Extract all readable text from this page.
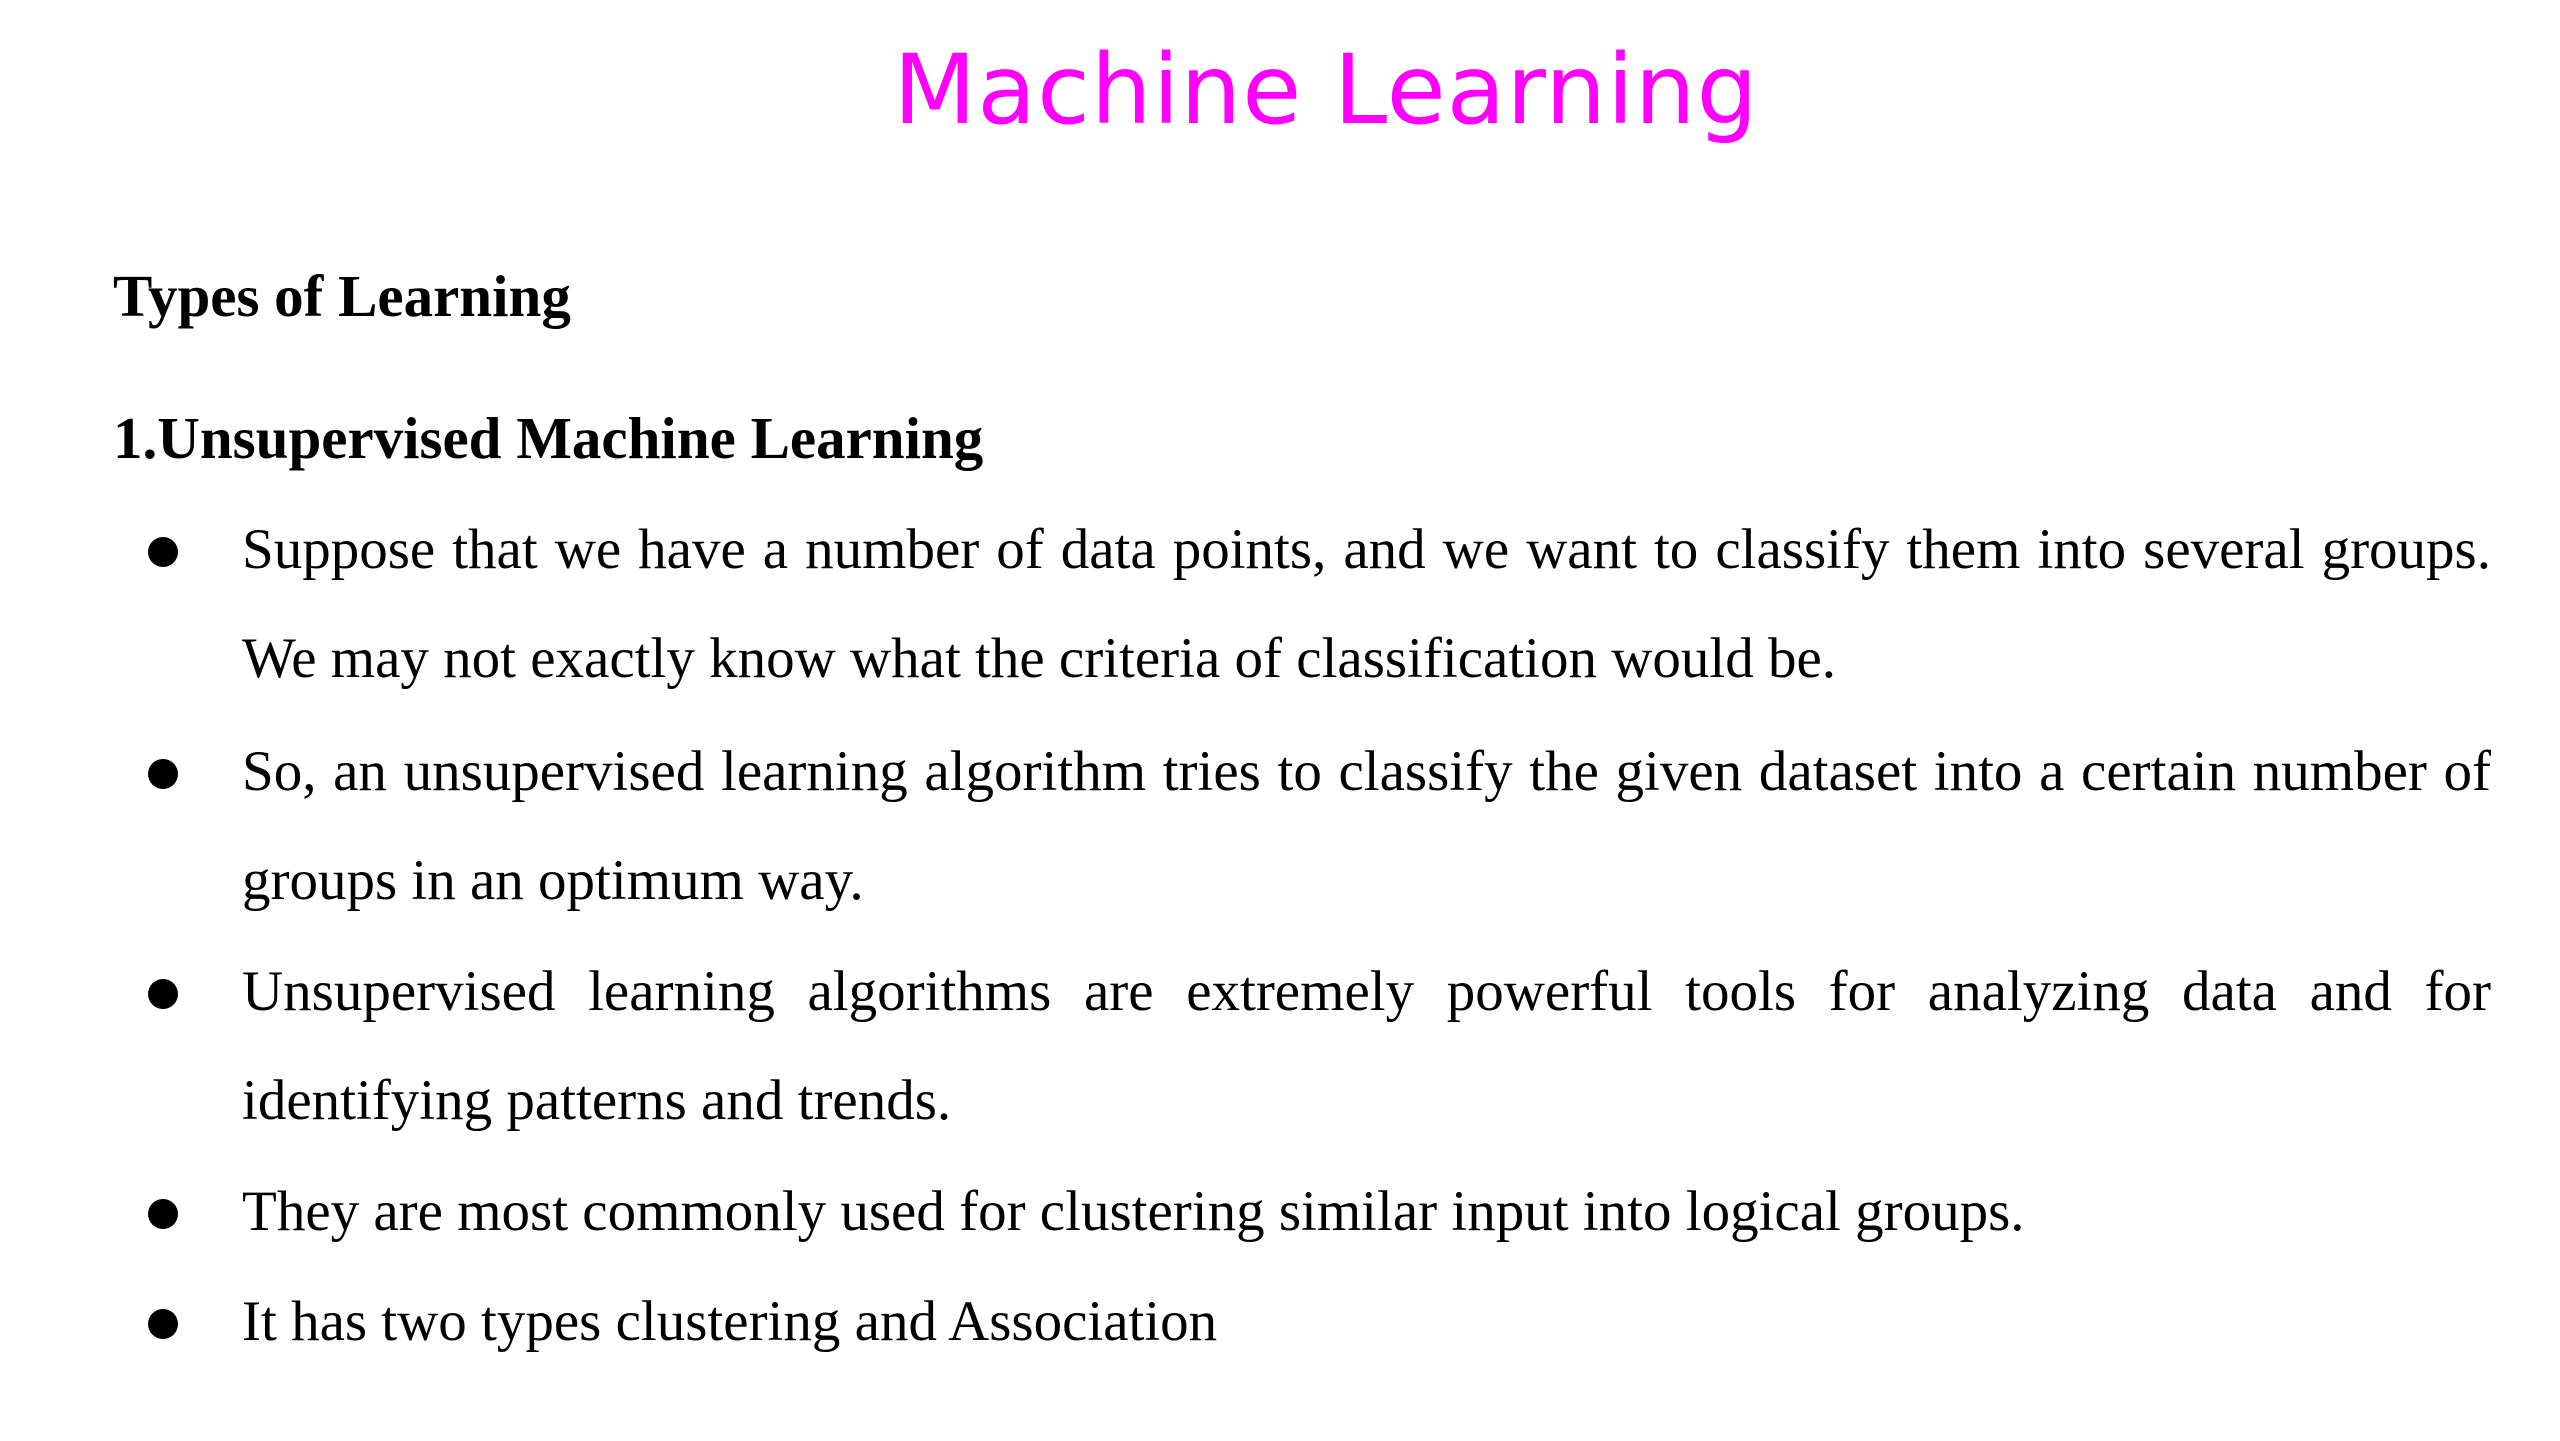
Machine Learning
Types of Learning
1.Unsupervised Machine Learning
Suppose that we have a number of data points, and we want to classify them into several groups. We may not exactly know what the criteria of classification would be.
So, an unsupervised learning algorithm tries to classify the given dataset into a certain number of groups in an optimum way.
Unsupervised learning algorithms are extremely powerful tools for analyzing data and for identifying patterns and trends.
They are most commonly used for clustering similar input into logical groups.
It has two types clustering and Association
